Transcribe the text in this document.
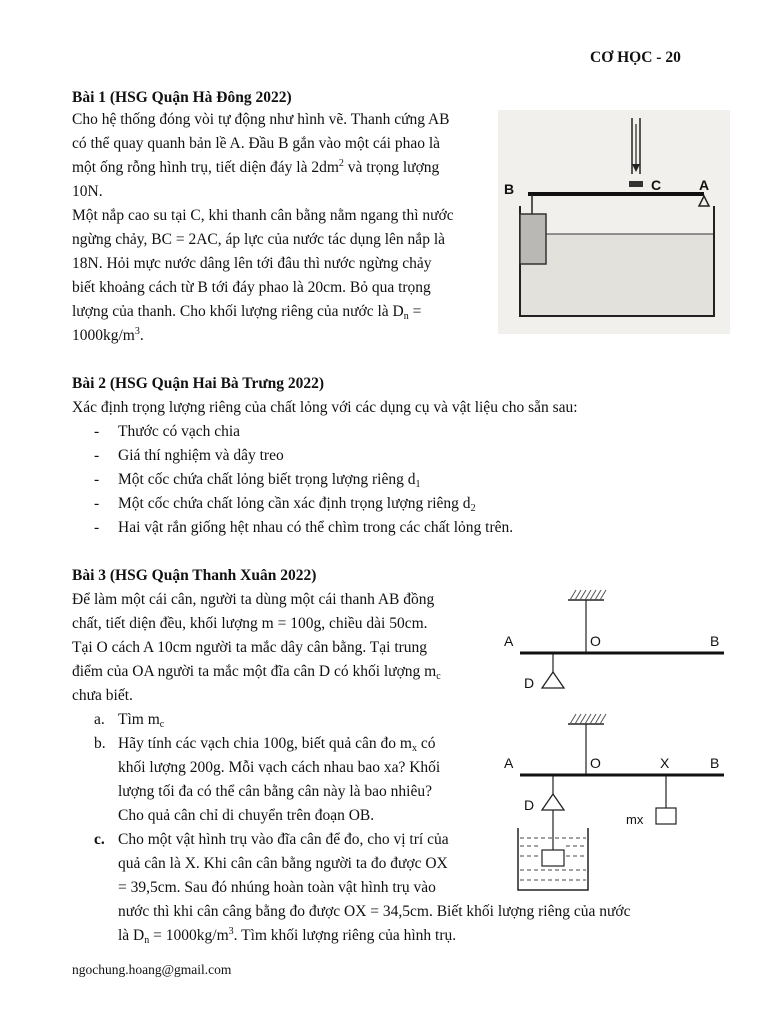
CƠ HỌC - 20
Bài 1 (HSG Quận Hà Đông 2022)
Cho hệ thống đóng vòi tự động như hình vẽ. Thanh cứng AB
có thể quay quanh bản lề A. Đầu B gắn vào một cái phao là
một ống rỗng hình trụ, tiết diện đáy là $2dm^2$ và trọng lượng
10N.
Một nắp cao su tại C, khi thanh cân bằng nằm ngang thì nước
ngừng chảy, BC = 2AC, áp lực của nước tác dụng lên nắp là
18N. Hỏi mực nước dâng lên tới đâu thì nước ngừng chảy
biết khoảng cách từ B tới đáy phao là 20cm. Bỏ qua trọng
lượng của thanh. Cho khối lượng riêng của nước là $D_n$ =
$1000kg/m^3$.
B	C	A
Bài 2 (HSG Quận Hai Bà Trưng 2022)
Xác định trọng lượng riêng của chất lỏng với các dụng cụ và vật liệu cho sẵn sau:
- Thước có vạch chia
- Giá thí nghiệm và dây treo
- Một cốc chứa chất lỏng biết trọng lượng riêng $d_1$
- Một cốc chứa chất lỏng cần xác định trọng lượng riêng $d_2$
- Hai vật rắn giống hệt nhau có thể chìm trong các chất lỏng trên.
Bài 3 (HSG Quận Thanh Xuân 2022)
Để làm một cái cân, người ta dùng một cái thanh AB đồng
chất, tiết diện đều, khối lượng m = 100g, chiều dài 50cm.
Tại O cách A 10cm người ta mắc dây cân bằng. Tại trung
điểm của OA người ta mắc một đĩa cân D có khối lượng $m_c$
chưa biết.
a. Tìm $m_c$
b. Hãy tính các vạch chia 100g, biết quả cân đo $m_x$ có
khối lượng 200g. Mỗi vạch cách nhau bao xa? Khối
lượng tối đa có thể cân bằng cân này là bao nhiêu?
Cho quả cân chỉ di chuyển trên đoạn OB.
c. Cho một vật hình trụ vào đĩa cân để đo, cho vị trí của
quả cân là X. Khi cân cân bằng người ta đo được OX
= 39,5cm. Sau đó nhúng hoàn toàn vật hình trụ vào
nước thì khi cân câng bằng đo được OX = 34,5cm. Biết khối lượng riêng của nước
là $D_n = 1000kg/m^3$. Tìm khối lượng riêng của hình trụ.
A	O	B
D
A	O	X	B
D
mx
ngochung.hoang@gmail.com
